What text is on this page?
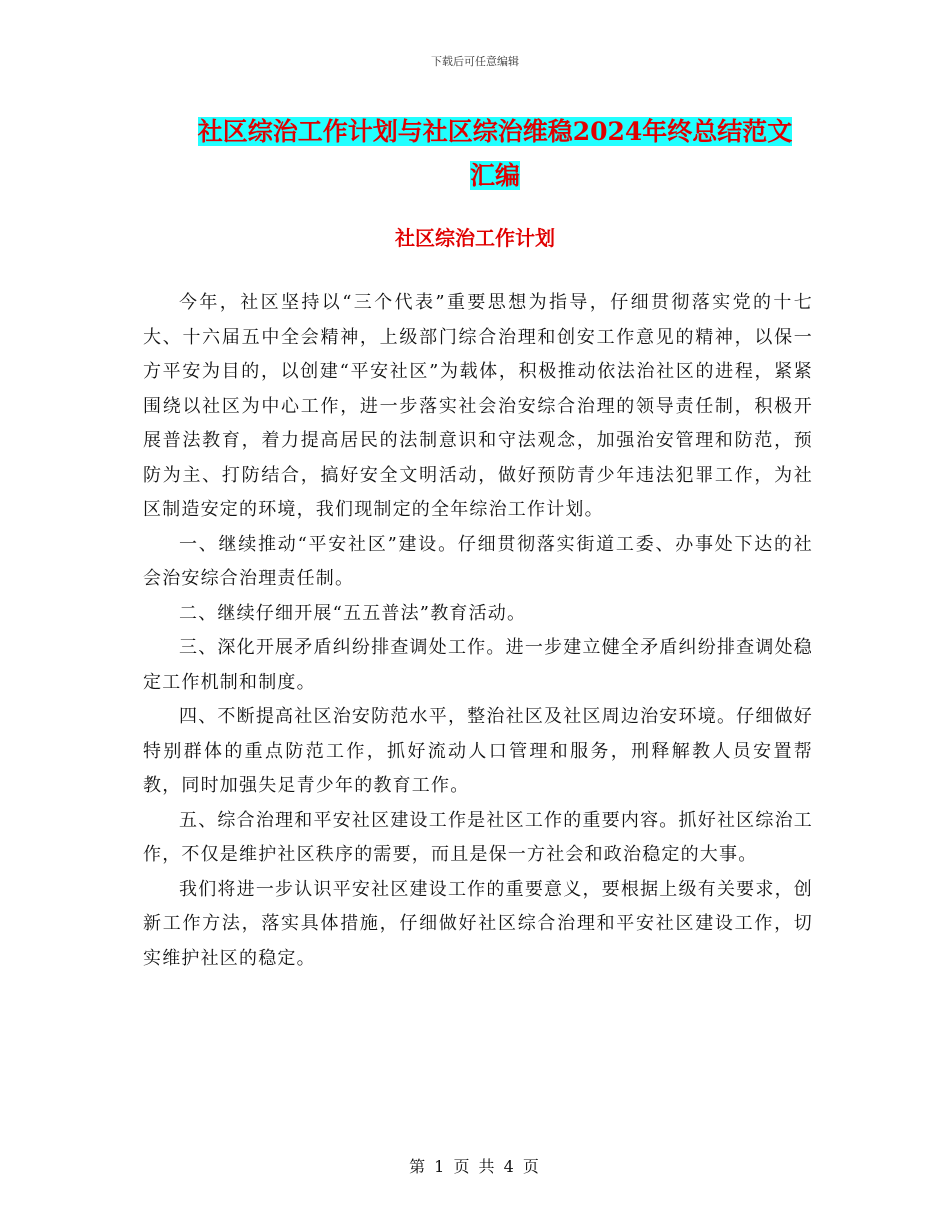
下载后可任意编辑
社区综治工作计划与社区综治维稳2024年终总结范文
汇编
社区综治工作计划

今年，社区坚持以“三个代表”重要思想为指导，仔细贯彻落实党的十七大、十六届五中全会精神，上级部门综合治理和创安工作意见的精神，以保一方平安为目的，以创建“平安社区”为载体，积极推动依法治社区的进程，紧紧围绕以社区为中心工作，进一步落实社会治安综合治理的领导责任制，积极开展普法教育，着力提高居民的法制意识和守法观念，加强治安管理和防范，预防为主、打防结合，搞好安全文明活动，做好预防青少年违法犯罪工作，为社区制造安定的环境，我们现制定的全年综治工作计划。

一、继续推动“平安社区”建设。仔细贯彻落实街道工委、办事处下达的社会治安综合治理责任制。

二、继续仔细开展“五五普法”教育活动。

三、深化开展矛盾纠纷排查调处工作。进一步建立健全矛盾纠纷排查调处稳定工作机制和制度。

四、不断提高社区治安防范水平，整治社区及社区周边治安环境。仔细做好特别群体的重点防范工作，抓好流动人口管理和服务，刑释解教人员安置帮教，同时加强失足青少年的教育工作。

五、综合治理和平安社区建设工作是社区工作的重要内容。抓好社区综治工作，不仅是维护社区秩序的需要，而且是保一方社会和政治稳定的大事。

我们将进一步认识平安社区建设工作的重要意义，要根据上级有关要求，创新工作方法，落实具体措施，仔细做好社区综合治理和平安社区建设工作，切实维护社区的稳定。

第 1 页 共 4 页
